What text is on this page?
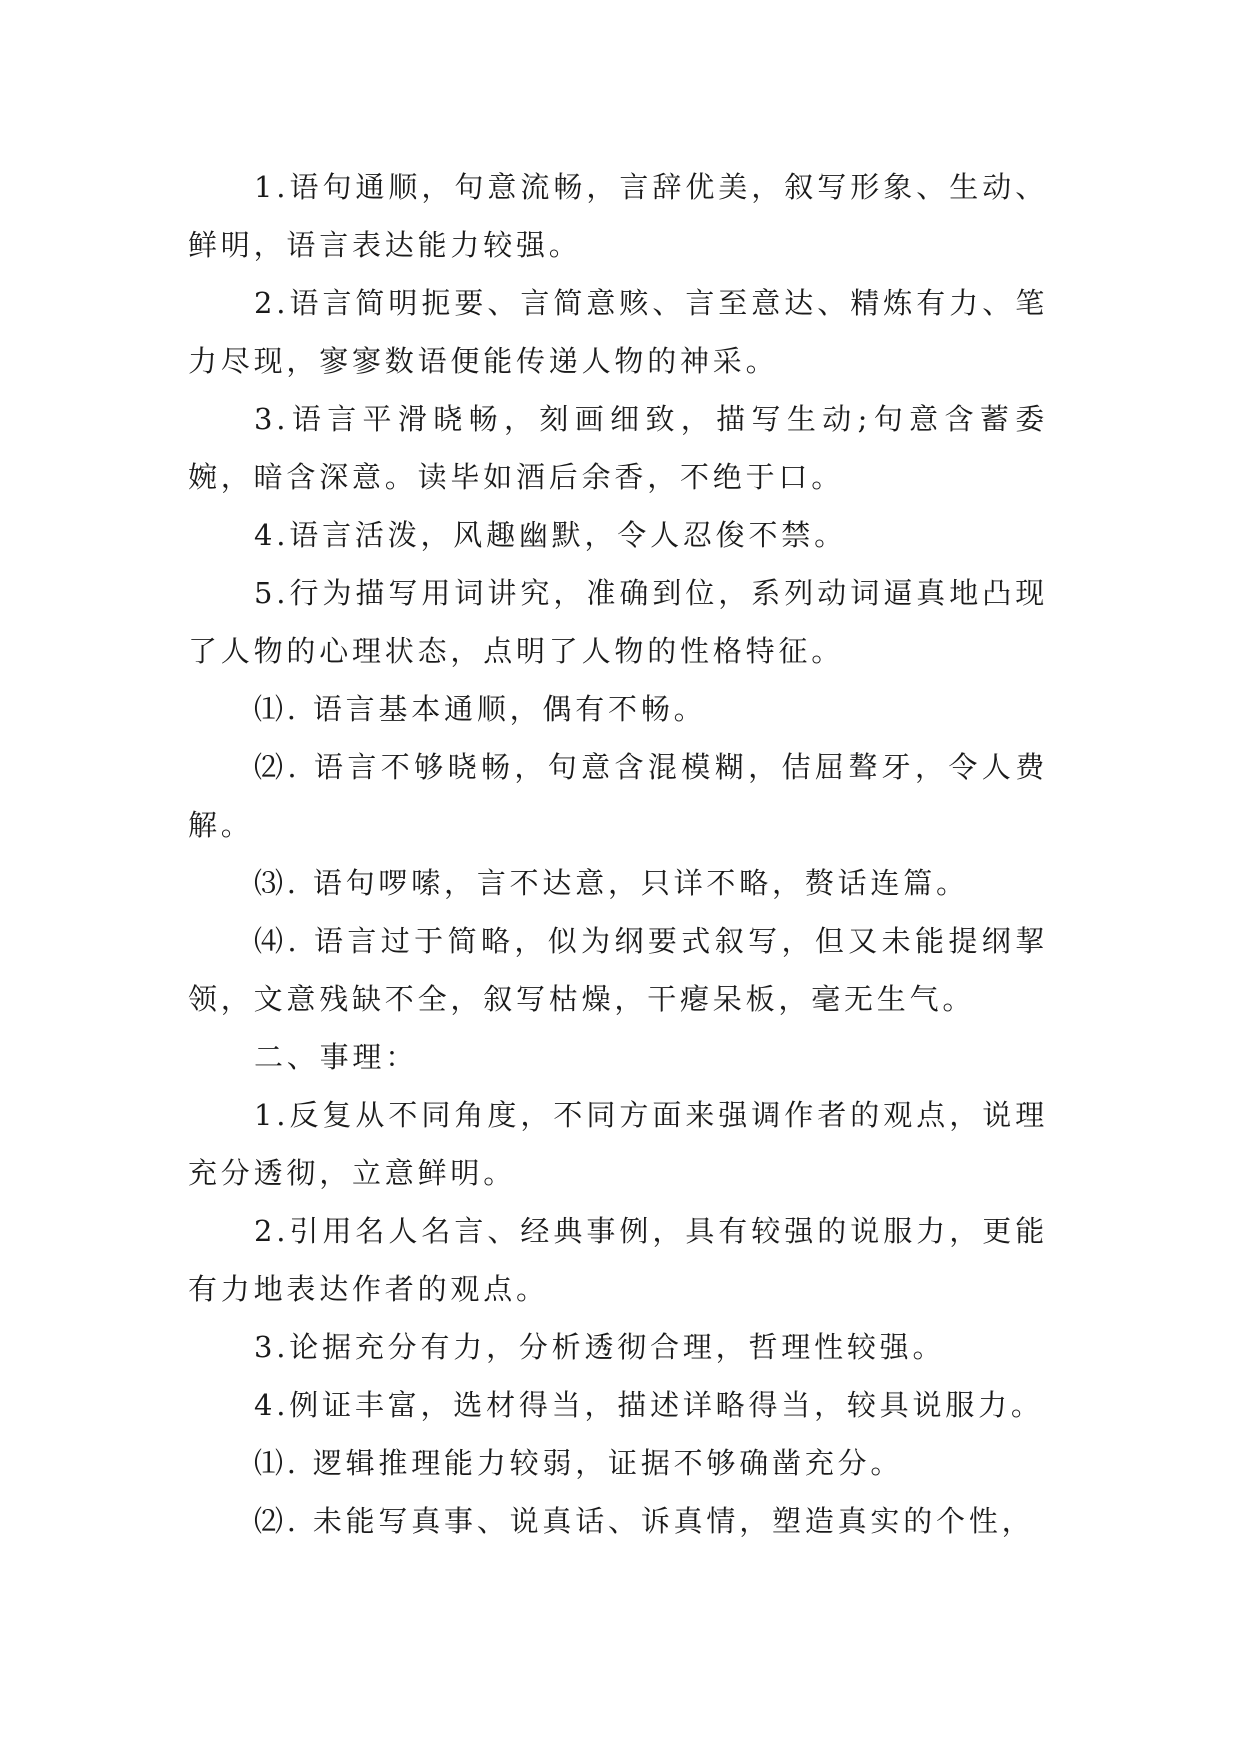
1.语句通顺，句意流畅，言辞优美，叙写形象、生动、鲜明，语言表达能力较强。

2.语言简明扼要、言简意赅、言至意达、精炼有力、笔力尽现，寥寥数语便能传递人物的神采。

3.语言平滑晓畅，刻画细致，描写生动;句意含蓄委婉，暗含深意。读毕如酒后余香，不绝于口。

4.语言活泼，风趣幽默，令人忍俊不禁。

5.行为描写用词讲究，准确到位，系列动词逼真地凸现了人物的心理状态，点明了人物的性格特征。

⑴. 语言基本通顺，偶有不畅。

⑵. 语言不够晓畅，句意含混模糊，佶屈聱牙，令人费解。

⑶. 语句啰嗦，言不达意，只详不略，赘话连篇。

⑷. 语言过于简略，似为纲要式叙写，但又未能提纲挈领，文意残缺不全，叙写枯燥，干瘪呆板，毫无生气。

二、事理：

1.反复从不同角度，不同方面来强调作者的观点，说理充分透彻，立意鲜明。

2.引用名人名言、经典事例，具有较强的说服力，更能有力地表达作者的观点。

3.论据充分有力，分析透彻合理，哲理性较强。

4.例证丰富，选材得当，描述详略得当，较具说服力。

⑴. 逻辑推理能力较弱，证据不够确凿充分。

⑵. 未能写真事、说真话、诉真情，塑造真实的个性，
